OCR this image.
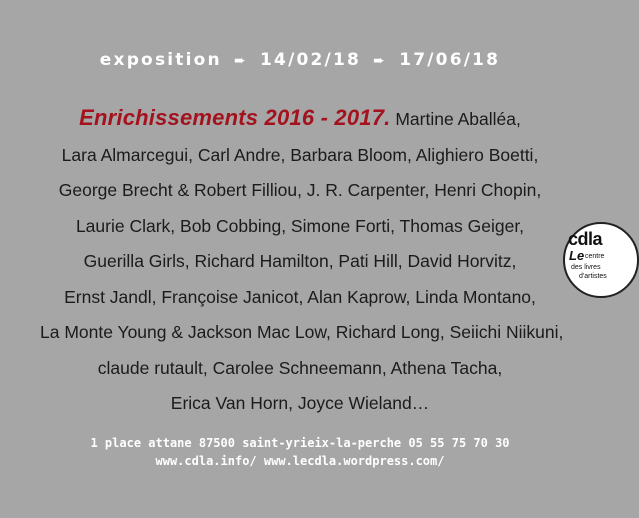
exposition ➨ 14/02/18 ➨ 17/06/18
Enrichissements 2016 - 2017. Martine Aballéa,
Lara Almarcegui, Carl Andre, Barbara Bloom, Alighiero Boetti,
George Brecht & Robert Filliou, J. R. Carpenter, Henri Chopin,
Laurie Clark, Bob Cobbing, Simone Forti, Thomas Geiger,
Guerilla Girls, Richard Hamilton, Pati Hill, David Horvitz,
Ernst Jandl, Françoise Janicot, Alan Kaprow, Linda Montano,
La Monte Young & Jackson Mac Low, Richard Long, Seiichi Niikuni,
claude rutault, Carolee Schneemann, Athena Tacha,
Erica Van Horn, Joyce Wieland…
1 place attane 87500 saint-yrieix-la-perche 05 55 75 70 30
www.cdla.info/ www.lecdla.wordpress.com/
cdla
Le centre
des livres
d'artistes
